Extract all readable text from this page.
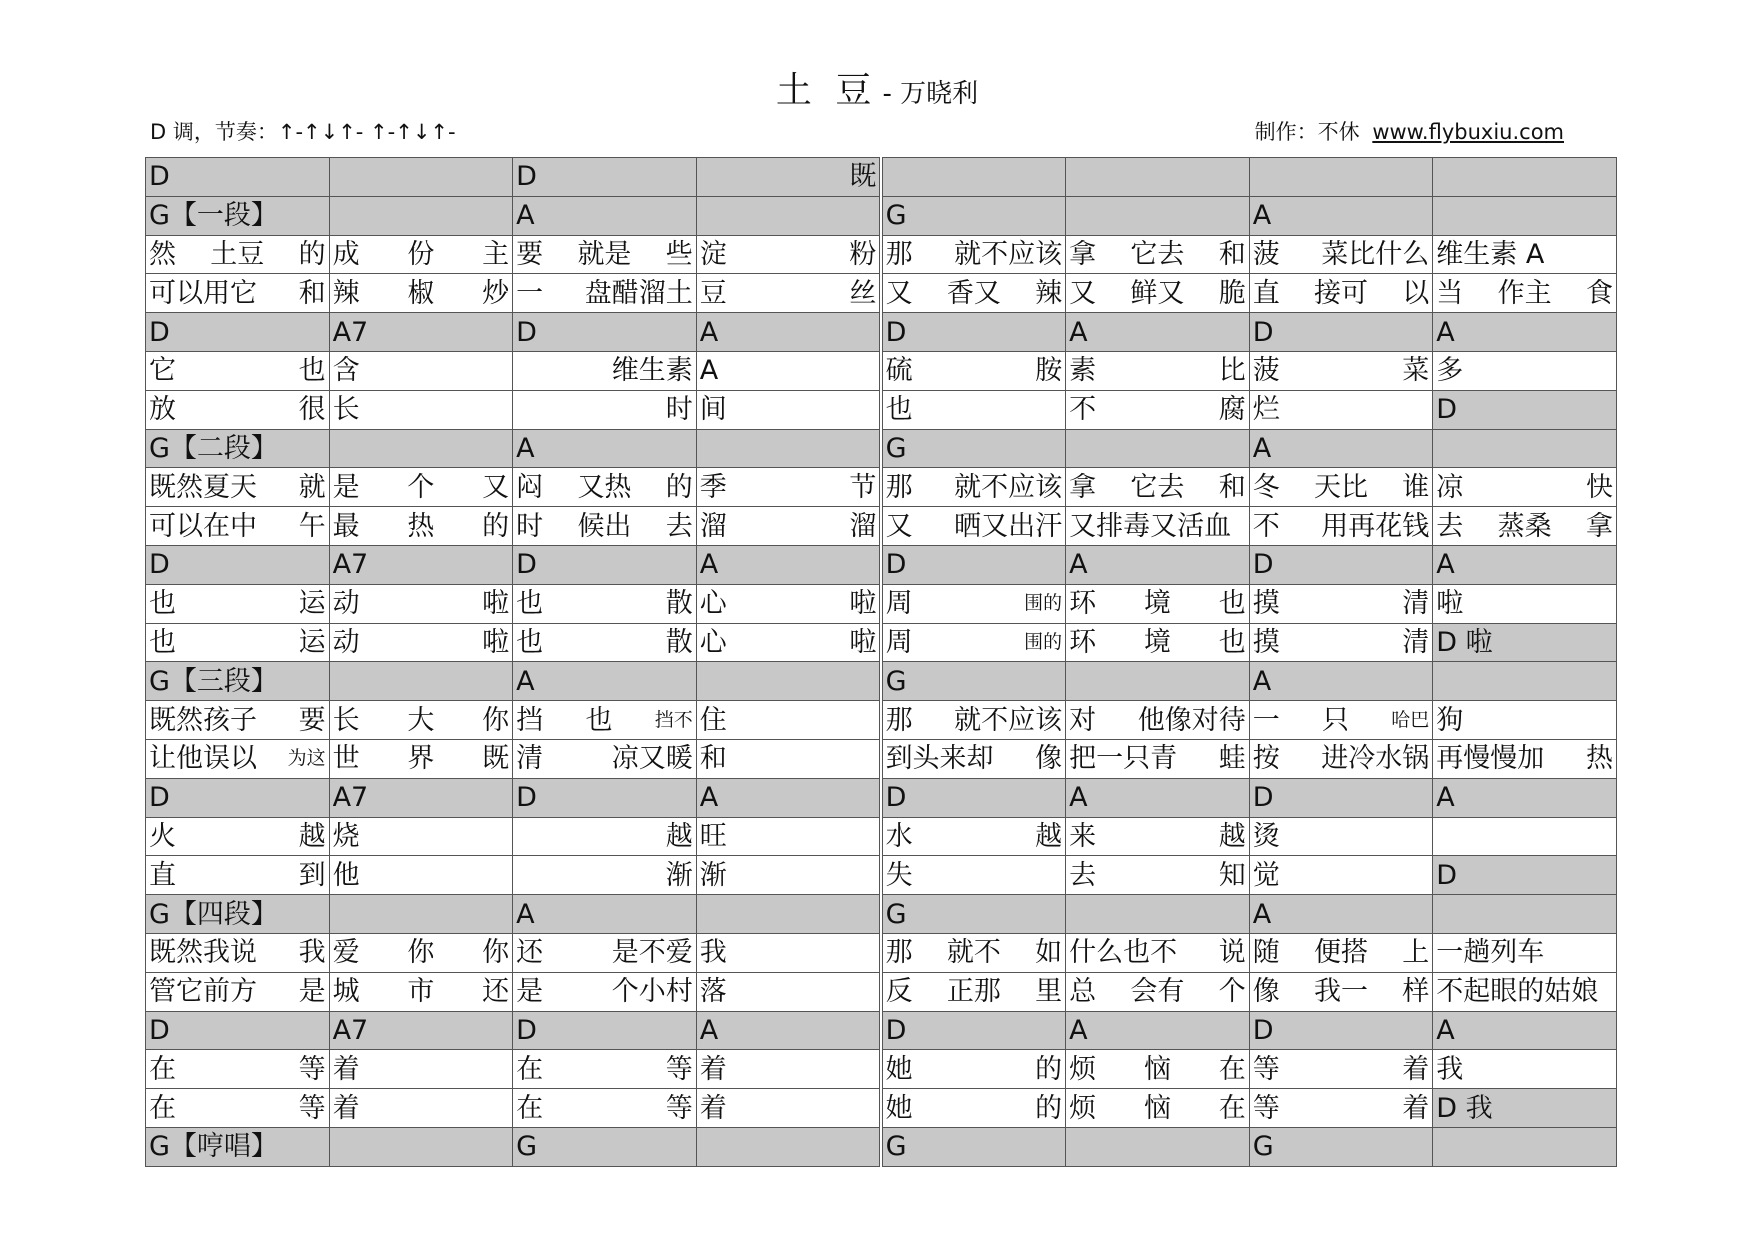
土 豆 - 万晓利
D 调，节奏：↑-↑↓↑- ↑-↑↓↑-	制作：不休 www.flybuxiu.com
D		D	既					

G【一段】		A			G		A	

然 土豆 的	成 份 主	要 就是 些	淀 粉		那 就不应该	拿 它去 和	菠 菜比什么	维生素 A

可以用它 和	辣 椒 炒	一 盘醋溜土	豆 丝		又 香又 辣	又 鲜又 脆	直 接可 以	当 作主 食

D	A7	D	A		D	A	D	A

它 也	含	维生素	A		硫 胺	素 比	菠 菜	多

放 很	长	时	间		也	不 腐	烂	D

G【二段】		A			G		A	

既然夏天 就	是 个 又	闷 又热 的	季 节		那 就不应该	拿 它去 和	冬 天比 谁	凉 快

可以在中 午	最 热 的	时 候出 去	溜 溜		又 晒又出汗	又排毒又活血	不 用再花钱	去 蒸桑 拿

D	A7	D	A		D	A	D	A

也 运	动 啦	也 散	心 啦		周 围的	环 境 也	摸 清	啦

也 运	动 啦	也 散	心 啦		周 围的	环 境 也	摸 清	D 啦

G【三段】		A			G		A	

既然孩子 要	长 大 你	挡 也 挡不	住		那 就不应该	对 他像对待	一 只 哈巴	狗

让他误以 为这	世 界 既	清 凉又暖	和		到头来却 像	把一只青 蛙	按 进冷水锅	再慢慢加 热

D	A7	D	A		D	A	D	A

火 越	烧	越	旺		水 越	来 越	烫	

直 到	他	渐	渐		失	去 知	觉	D

G【四段】		A			G		A	

既然我说 我	爱 你 你	还 是不爱	我		那 就不 如	什么也不 说	随 便搭 上	一趟列车

管它前方 是	城 市 还	是 个小村	落		反 正那 里	总 会有 个	像 我一 样	不起眼的姑娘

D	A7	D	A		D	A	D	A

在 等	着	在 等	着		她 的	烦 恼 在	等 着	我

在 等	着	在 等	着		她 的	烦 恼 在	等 着	D 我

G【哼唱】		G			G		G	
